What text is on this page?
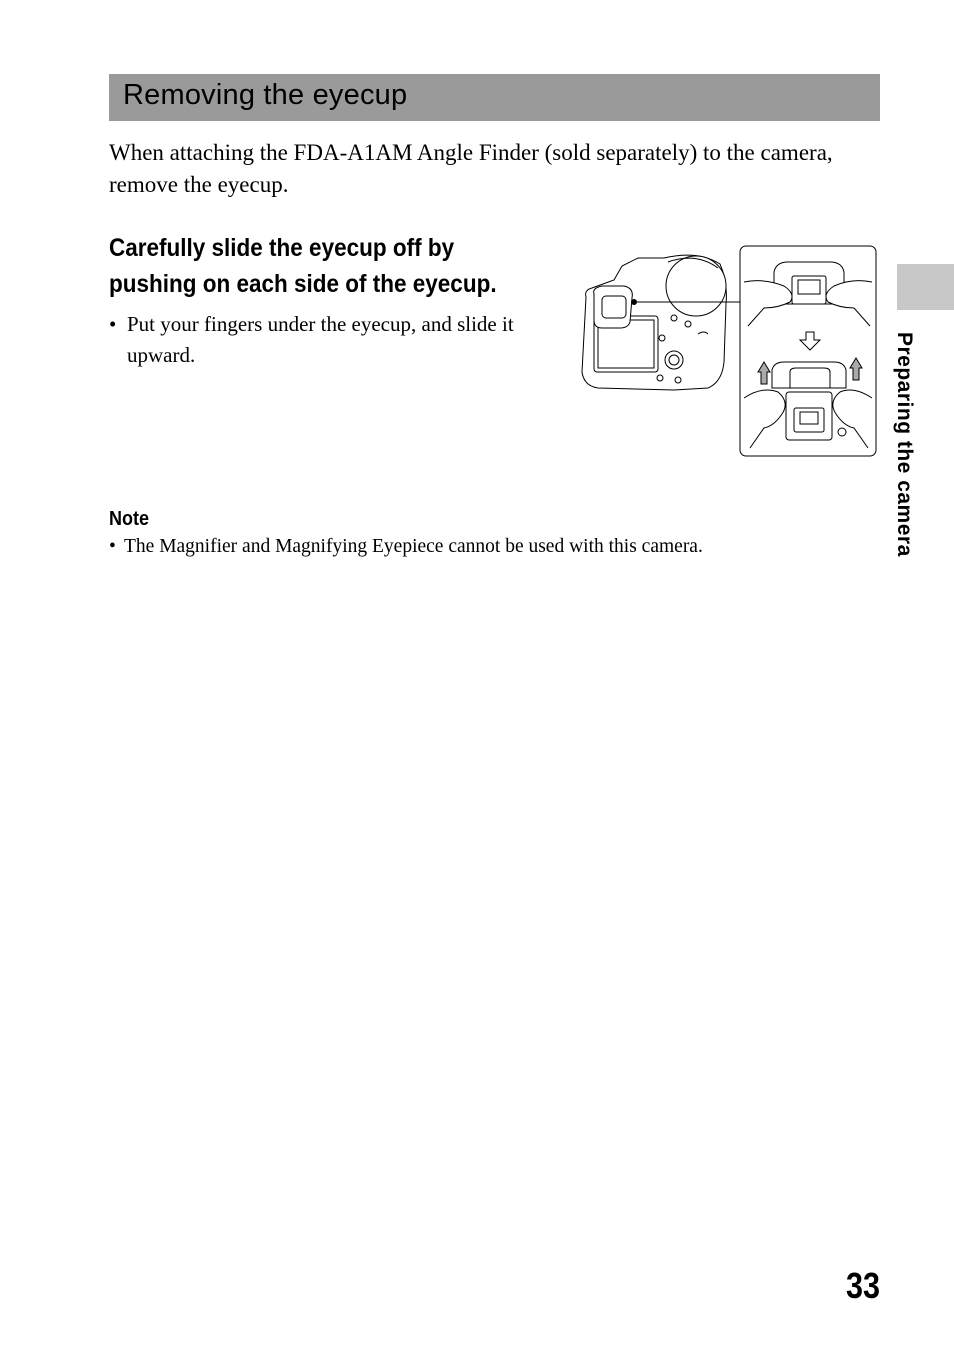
Removing the eyecup

When attaching the FDA-A1AM Angle Finder (sold separately) to the camera, remove the eyecup.

Carefully slide the eyecup off by pushing on each side of the eyecup.

• Put your fingers under the eyecup, and slide it upward.

Note

• The Magnifier and Magnifying Eyepiece cannot be used with this camera.	Preparing the camera

33
